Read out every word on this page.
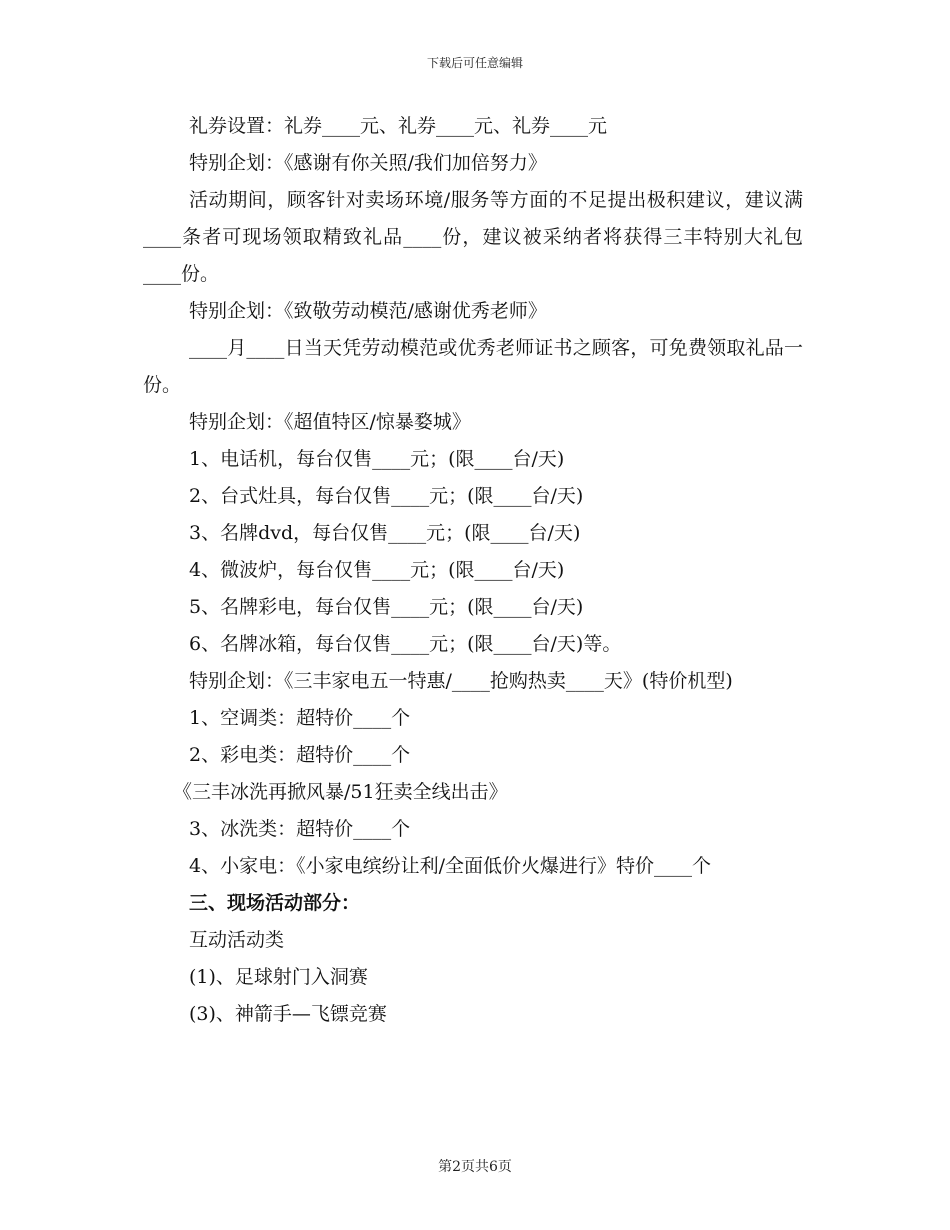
下载后可任意编辑

礼券设置：礼券____元、礼券____元、礼券____元

特别企划：《感谢有你关照/我们加倍努力》

活动期间，顾客针对卖场环境/服务等方面的不足提出极积建议，建议满____条者可现场领取精致礼品____份，建议被采纳者将获得三丰特别大礼包____份。

特别企划：《致敬劳动模范/感谢优秀老师》

____月____日当天凭劳动模范或优秀老师证书之顾客，可免费领取礼品一份。

特别企划：《超值特区/惊暴婺城》

1、电话机，每台仅售____元；(限____台/天)

2、台式灶具，每台仅售____元；(限____台/天)

3、名牌dvd，每台仅售____元；(限____台/天)

4、微波炉，每台仅售____元；(限____台/天)

5、名牌彩电，每台仅售____元；(限____台/天)

6、名牌冰箱，每台仅售____元；(限____台/天)等。

特别企划：《三丰家电五一特惠/____抢购热卖____天》(特价机型)

1、空调类：超特价____个

2、彩电类：超特价____个

《三丰冰洗再掀风暴/51狂卖全线出击》

3、冰洗类：超特价____个

4、小家电：《小家电缤纷让利/全面低价火爆进行》特价____个

三、现场活动部分：

互动活动类

(1)、足球射门入洞赛

(3)、神箭手—飞镖竞赛

第2页共6页
